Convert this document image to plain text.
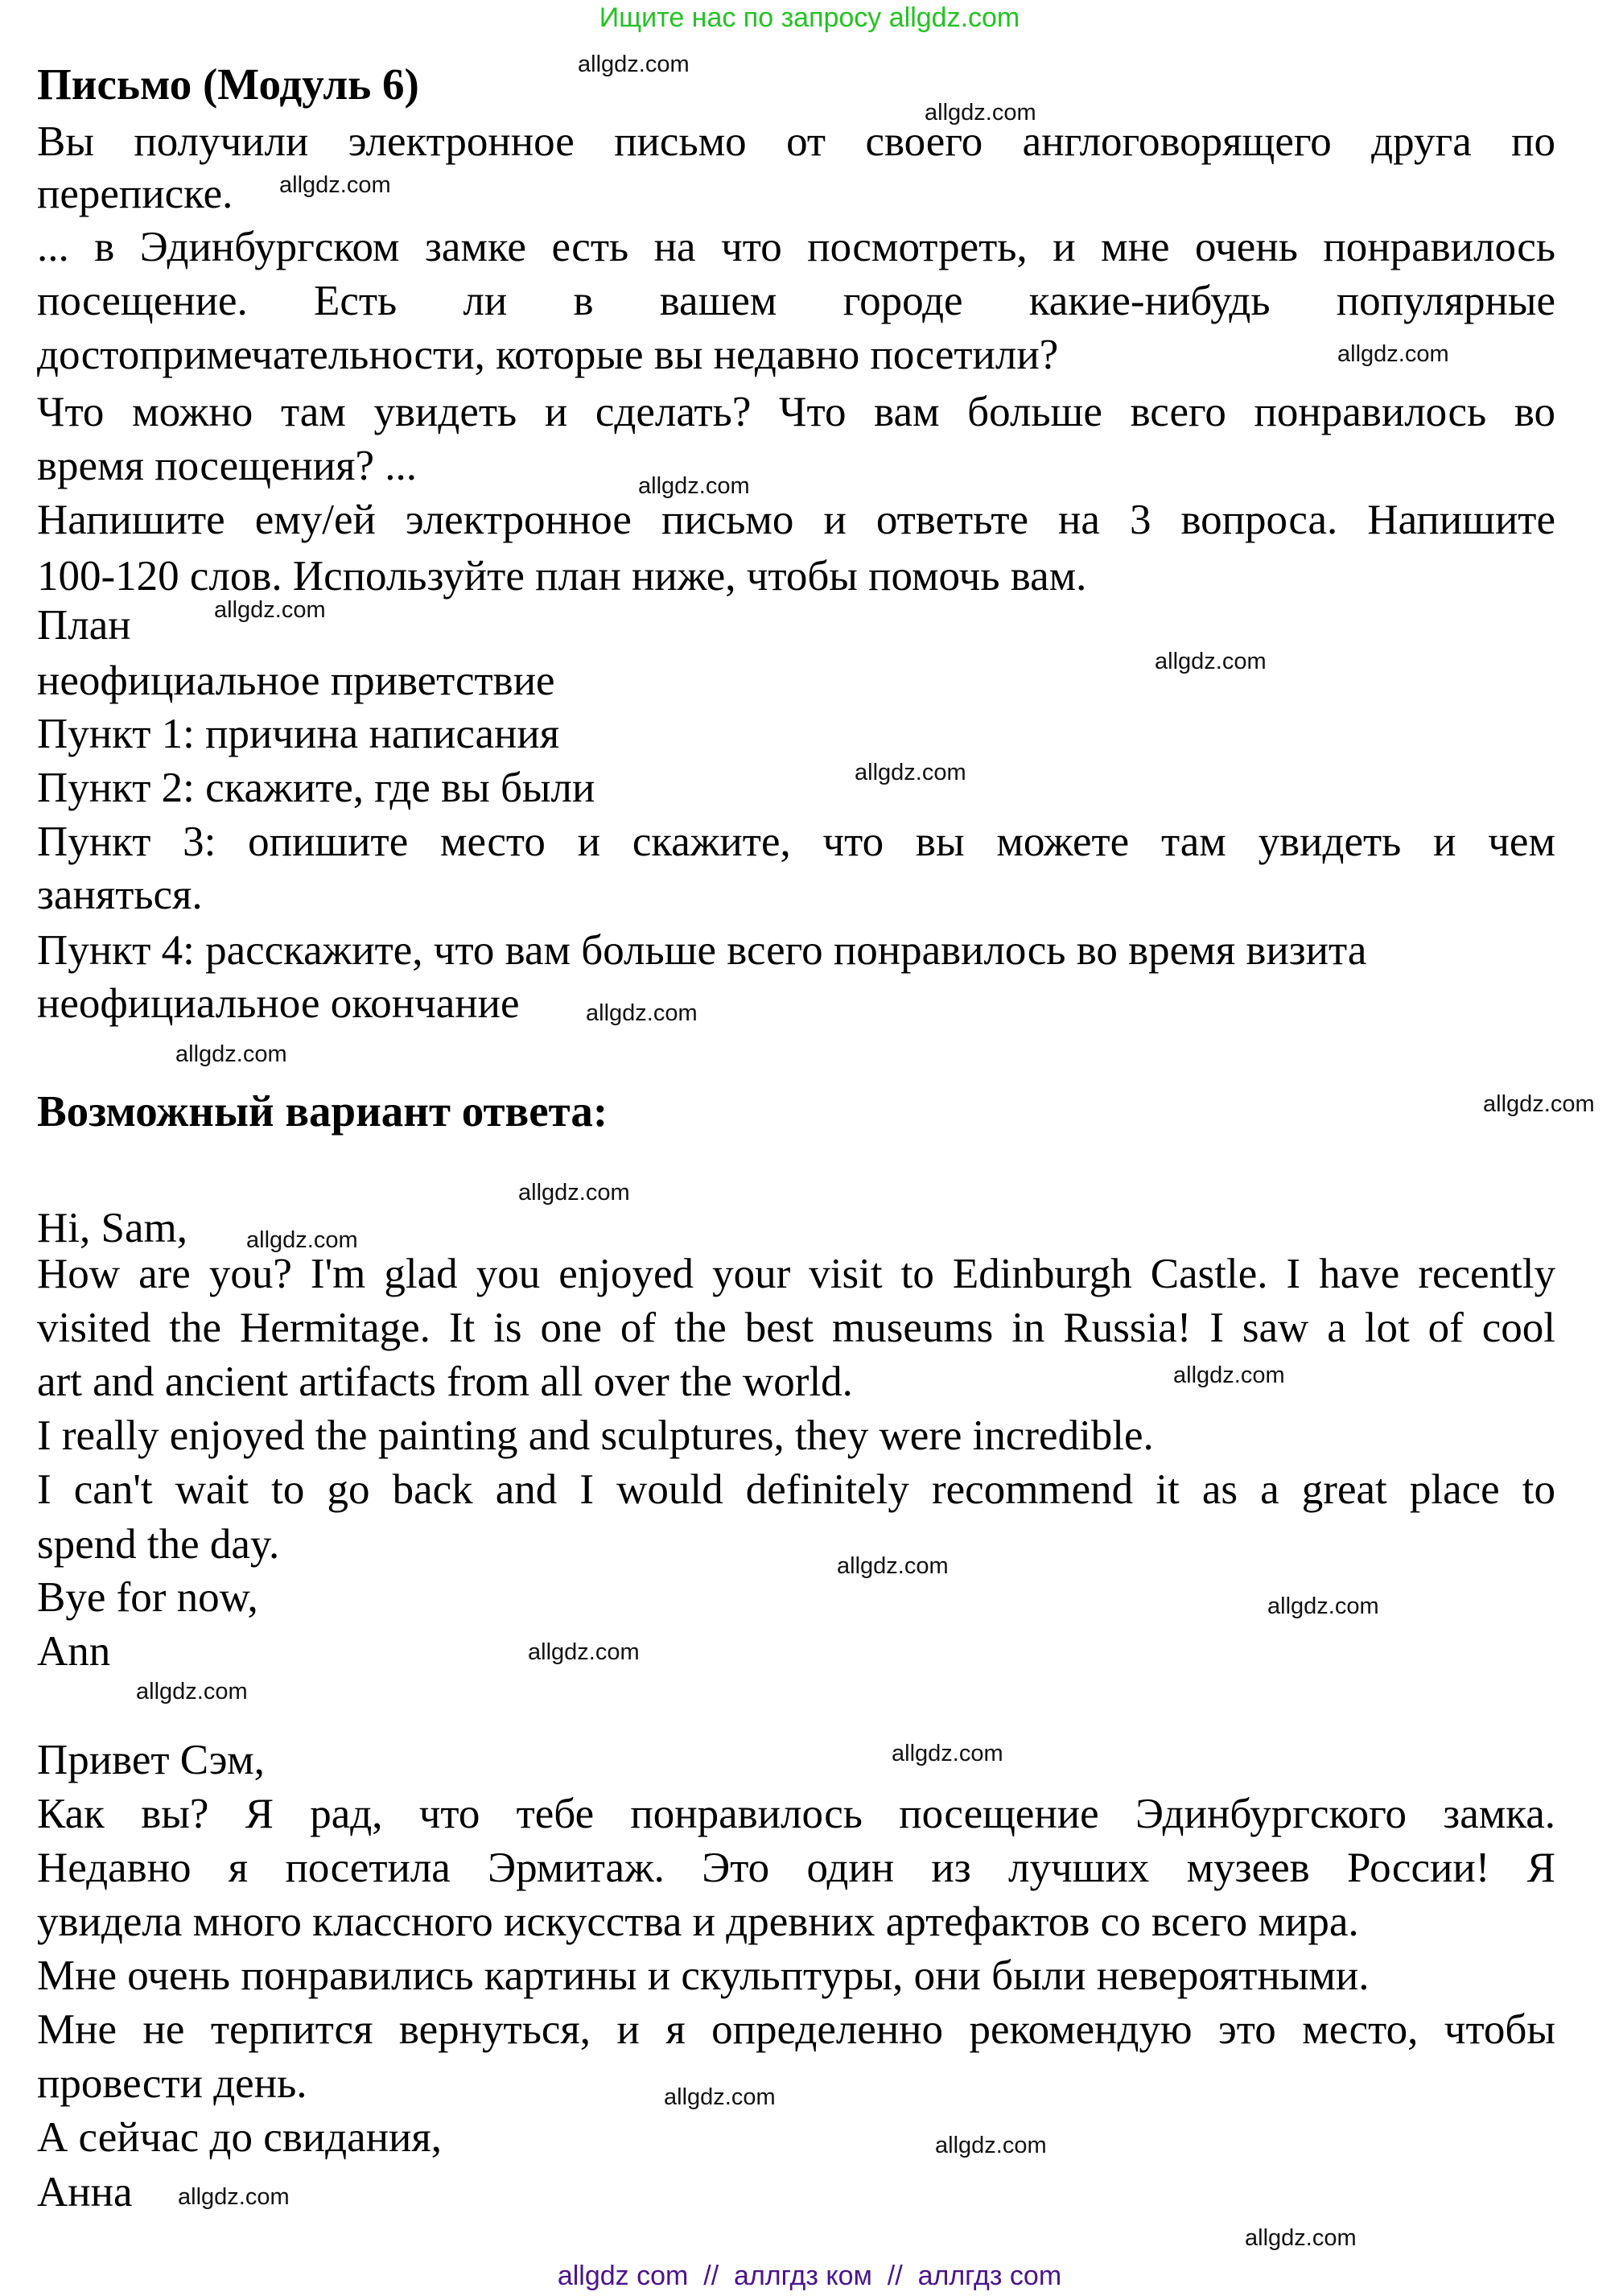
Ищите нас по запросу allgdz.com
Письмо (Модуль 6)
Вы получили электронное письмо от своего англоговорящего друга по
переписке.
... в Эдинбургском замке есть на что посмотреть, и мне очень понравилось
посещение. Есть ли в вашем городе какие-нибудь популярные
достопримечательности, которые вы недавно посетили?
Что можно там увидеть и сделать? Что вам больше всего понравилось во
время посещения? ...
Напишите ему/ей электронное письмо и ответьте на 3 вопроса. Напишите
100-120 слов. Используйте план ниже, чтобы помочь вам.
План
неофициальное приветствие
Пункт 1: причина написания
Пункт 2: скажите, где вы были
Пункт 3: опишите место и скажите, что вы можете там увидеть и чем
заняться.
Пункт 4: расскажите, что вам больше всего понравилось во время визита
неофициальное окончание
Возможный вариант ответа:
Hi, Sam,
How are you? I'm glad you enjoyed your visit to Edinburgh Castle. I have recently
visited the Hermitage. It is one of the best museums in Russia! I saw a lot of cool
art and ancient artifacts from all over the world.
I really enjoyed the painting and sculptures, they were incredible.
I can't wait to go back and I would definitely recommend it as a great place to
spend the day.
Bye for now,
Ann
Привет Сэм,
Как вы? Я рад, что тебе понравилось посещение Эдинбургского замка.
Недавно я посетила Эрмитаж. Это один из лучших музеев России! Я
увидела много классного искусства и древних артефактов со всего мира.
Мне очень понравились картины и скульптуры, они были невероятными.
Мне не терпится вернуться, и я определенно рекомендую это место, чтобы
провести день.
А сейчас до свидания,
Анна
allgdz.com
allgdz.com
allgdz.com
allgdz.com
allgdz.com
allgdz.com
allgdz.com
allgdz.com
allgdz.com
allgdz.com
allgdz.com
allgdz.com
allgdz.com
allgdz.com
allgdz.com
allgdz.com
allgdz.com
allgdz.com
allgdz.com
allgdz.com
allgdz.com
allgdz.com
allgdz.com
allgdz com  //  аллгдз ком  //  аллгдз com
